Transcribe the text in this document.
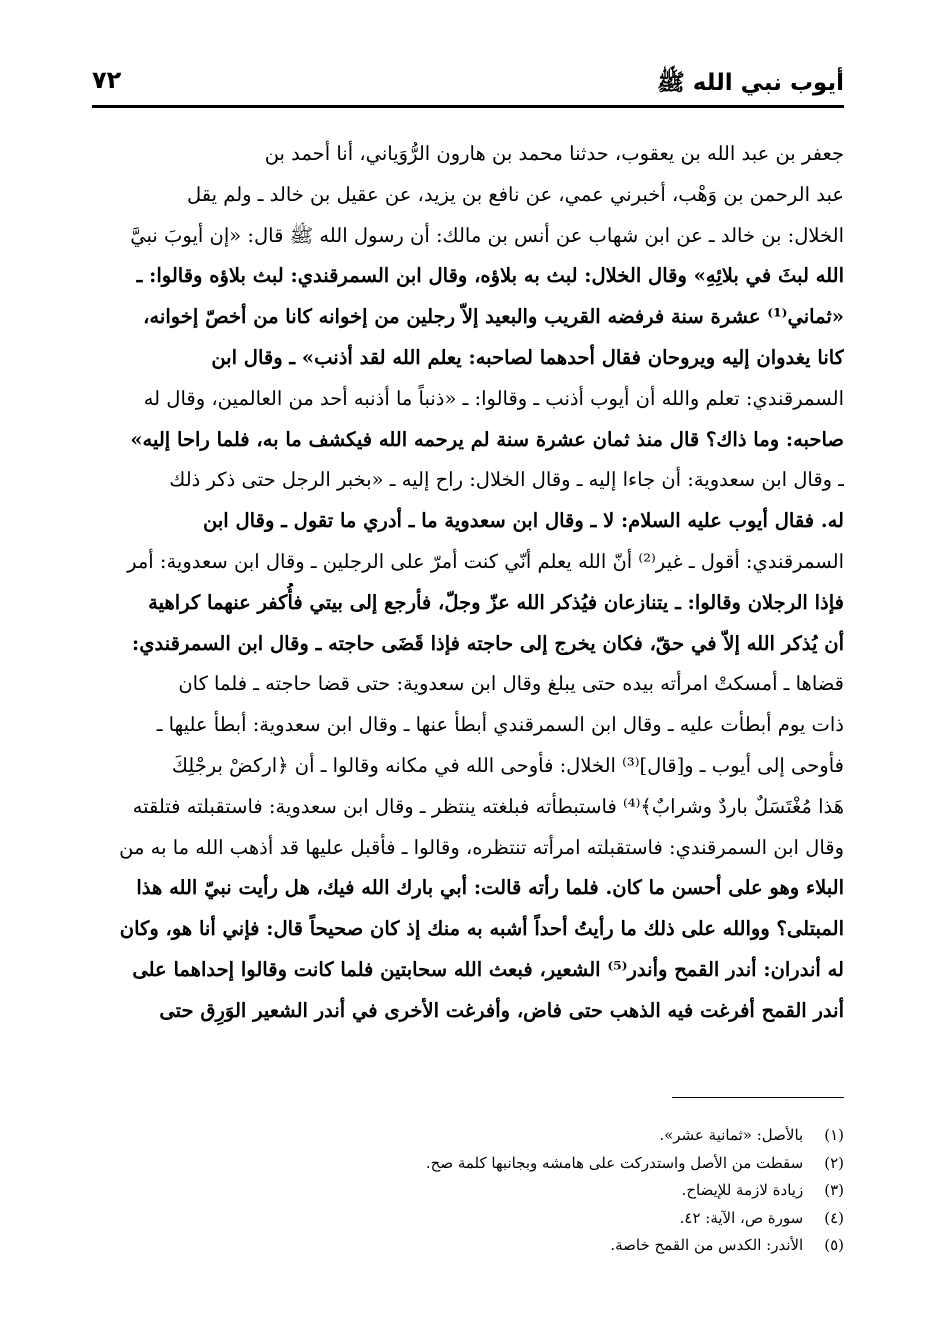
أيوب نبي الله ﷺ
٧٢
جعفر بن عبد الله بن يعقوب، حدثنا محمد بن هارون الرُّوَياني، أنا أحمد بن
عبد الرحمن بن وَهْب، أخبرني عمي، عن نافع بن يزيد، عن عقيل بن خالد ـ ولم يقل
الخلال: بن خالد ـ عن ابن شهاب عن أنس بن مالك: أن رسول الله ﷺ قال: «إن أيوبَ نبيَّ
الله لبثَ في بلائِهِ» وقال الخلال: لبث به بلاؤه، وقال ابن السمرقندي: لبث بلاؤه وقالوا: ـ
«ثماني⁽¹⁾ عشرة سنة فرفضه القريب والبعيد إلاّ رجلين من إخوانه كانا من أخصّ إخوانه،
كانا يغدوان إليه ويروحان فقال أحدهما لصاحبه: يعلم الله لقد أذنب» ـ وقال ابن
السمرقندي: تعلم والله أن أيوب أذنب ـ وقالوا: ـ «ذنباً ما أذنبه أحد من العالمين، وقال له
صاحبه: وما ذاك؟ قال منذ ثمان عشرة سنة لم يرحمه الله فيكشف ما به، فلما راحا إليه»
ـ وقال ابن سعدوية: أن جاءا إليه ـ وقال الخلال: راح إليه ـ «بخبر الرجل حتى ذكر ذلك
له. فقال أيوب عليه السلام: لا ـ وقال ابن سعدوية ما ـ أدري ما تقول ـ وقال ابن
السمرقندي: أقول ـ غير⁽²⁾ أنّ الله يعلم أنّي كنت أمرّ على الرجلين ـ وقال ابن سعدوية: أمر
فإذا الرجلان وقالوا: ـ يتنازعان فيُذكر الله عزّ وجلّ، فأرجع إلى بيتي فأُكفر عنهما كراهية
أن يُذكر الله إلاّ في حقّ، فكان يخرج إلى حاجته فإذا قَضَى حاجته ـ وقال ابن السمرقندي:
قضاها ـ أمسكتْ امرأته بيده حتى يبلغ وقال ابن سعدوية: حتى قضا حاجته ـ فلما كان
ذات يوم أبطأت عليه ـ وقال ابن السمرقندي أبطأ عنها ـ وقال ابن سعدوية: أبطأ عليها ـ
فأوحى إلى أيوب ـ و[قال]⁽³⁾ الخلال: فأوحى الله في مكانه وقالوا ـ أن ﴿اركضْ برجْلِكَ
هَذا مُغْتَسَلٌ باردٌ وشرابٌ﴾⁽⁴⁾ فاستبطأته فبلغته ينتظر ـ وقال ابن سعدوية: فاستقبلته فتلقته
وقال ابن السمرقندي: فاستقبلته امرأته تنتظره، وقالوا ـ فأقبل عليها قد أذهب الله ما به من
البلاء وهو على أحسن ما كان. فلما رأته قالت: أبي بارك الله فيك، هل رأيت نبيّ الله هذا
المبتلى؟ ووالله على ذلك ما رأيتُ أحداً أشبه به منك إذ كان صحيحاً قال: فإني أنا هو، وكان
له أندران: أندر القمح وأندر⁽⁵⁾ الشعير، فبعث الله سحابتين فلما كانت وقالوا إحداهما على
أندر القمح أفرغت فيه الذهب حتى فاض، وأفرغت الأخرى في أندر الشعير الوَرِق حتى
(١) بالأصل: «ثمانية عشر».
(٢) سقطت من الأصل واستدركت على هامشه وبجانبها كلمة صح.
(٣) زيادة لازمة للإيضاح.
(٤) سورة ص، الآية: ٤٢.
(٥) الأندر: الكدس من القمح خاصة.
